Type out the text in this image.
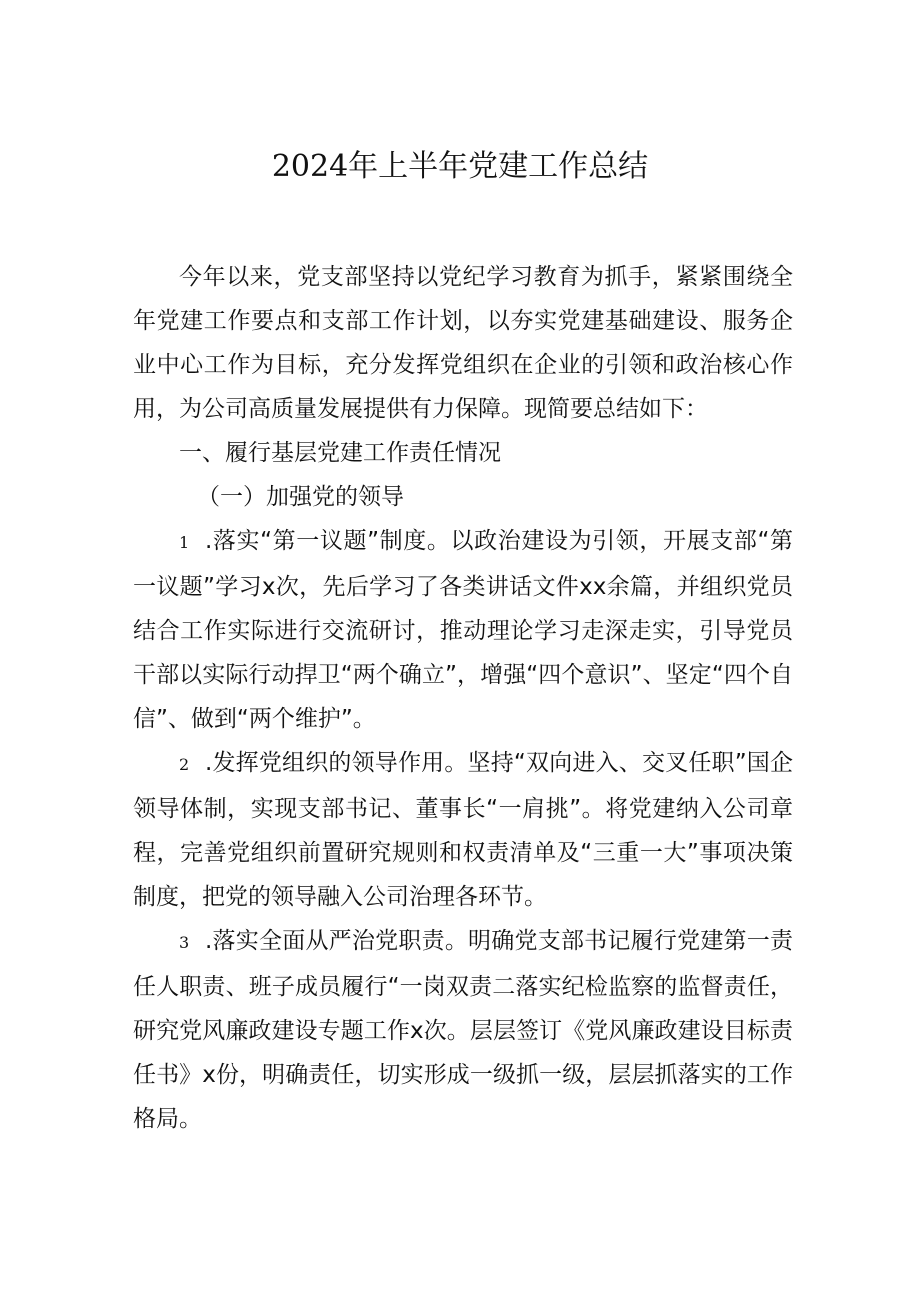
2024年上半年党建工作总结

今年以来，党支部坚持以党纪学习教育为抓手，紧紧围绕全年党建工作要点和支部工作计划，以夯实党建基础建设、服务企业中心工作为目标，充分发挥党组织在企业的引领和政治核心作用，为公司高质量发展提供有力保障。现简要总结如下：

一、履行基层党建工作责任情况

（一）加强党的领导

1 .落实“第一议题”制度。以政治建设为引领，开展支部“第一议题”学习x次，先后学习了各类讲话文件xx余篇，并组织党员结合工作实际进行交流研讨，推动理论学习走深走实，引导党员干部以实际行动捍卫“两个确立”，增强“四个意识”、坚定“四个自信”、做到“两个维护”。

2 .发挥党组织的领导作用。坚持“双向进入、交叉任职”国企领导体制，实现支部书记、董事长“一肩挑”。将党建纳入公司章程，完善党组织前置研究规则和权责清单及“三重一大”事项决策制度，把党的领导融入公司治理各环节。

3 .落实全面从严治党职责。明确党支部书记履行党建第一责任人职责、班子成员履行“一岗双责二落实纪检监察的监督责任，研究党风廉政建设专题工作x次。层层签订《党风廉政建设目标责任书》x份，明确责任，切实形成一级抓一级，层层抓落实的工作格局。
